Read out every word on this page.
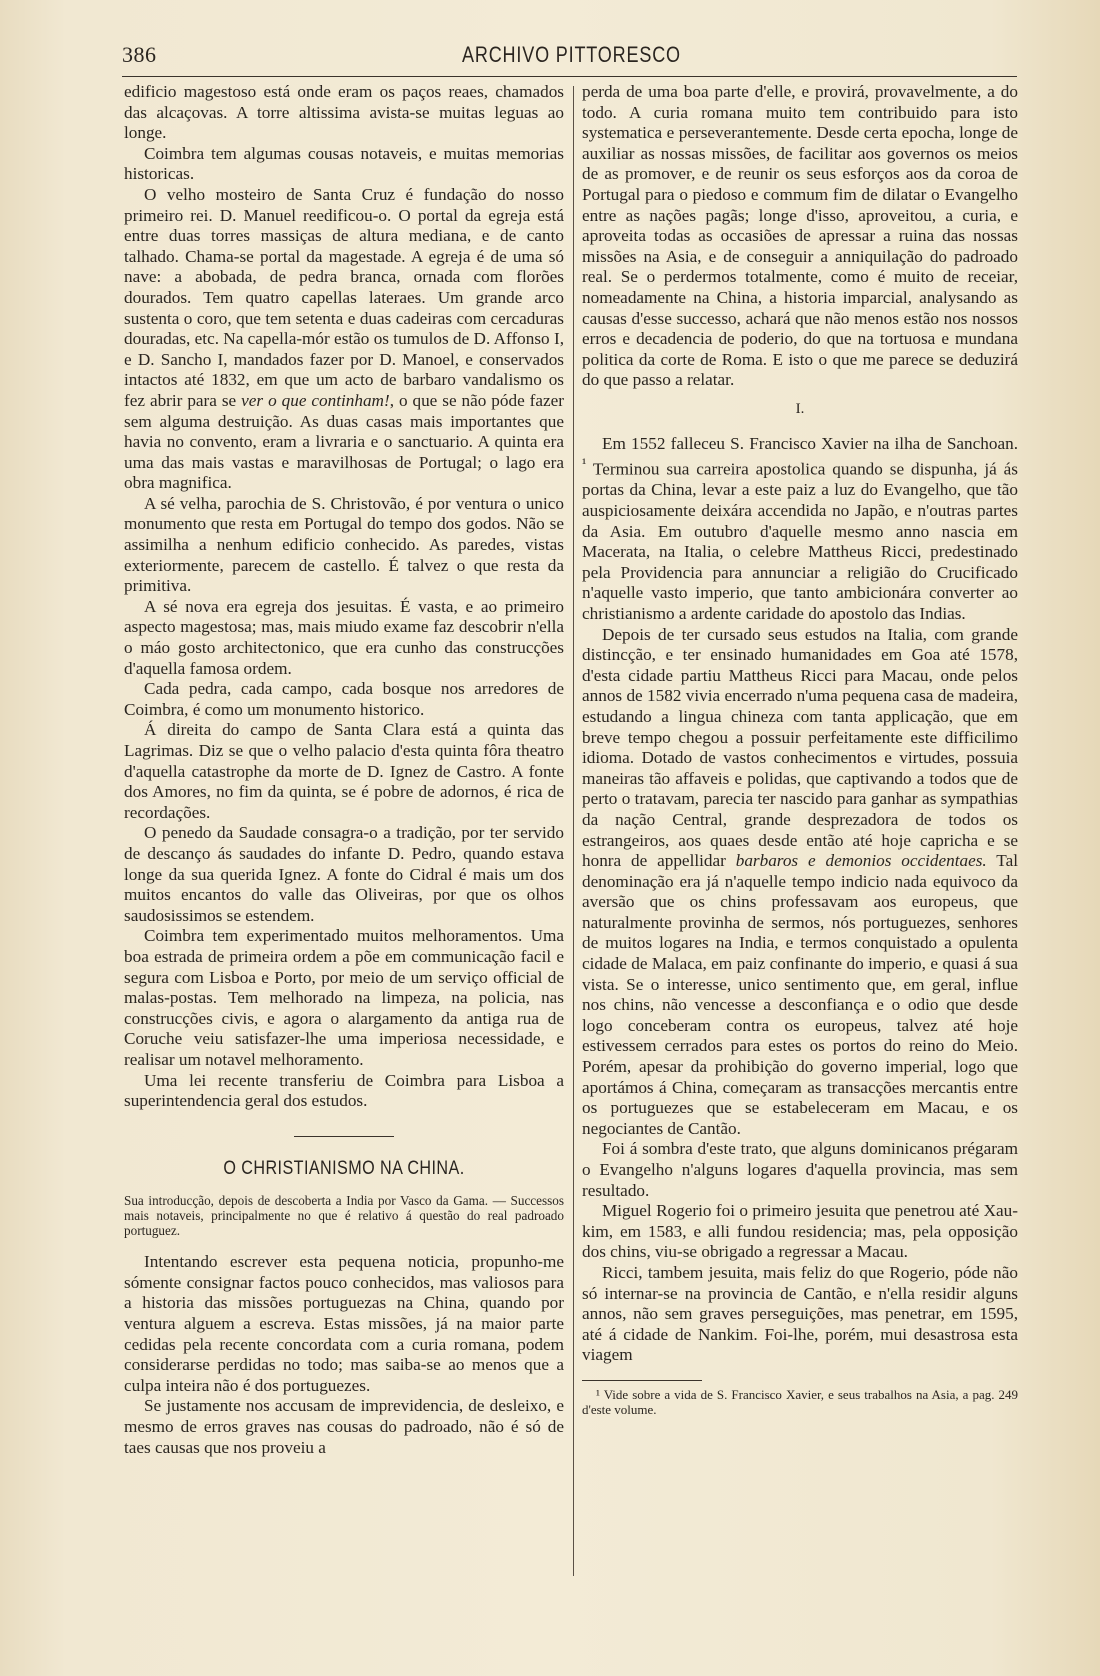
386	ARCHIVO PITTORESCO

edificio magestoso está onde eram os paços reaes, chamados das alcaçovas. A torre altissima avista-se muitas leguas ao longe.

Coimbra tem algumas cousas notaveis, e muitas memorias historicas.

O velho mosteiro de Santa Cruz é fundação do nosso primeiro rei. D. Manuel reedificou-o. O portal da egreja está entre duas torres massiças de altura mediana, e de canto talhado. Chama-se portal da magestade. A egreja é de uma só nave: a abobada, de pedra branca, ornada com florões dourados. Tem quatro capellas lateraes. Um grande arco sustenta o coro, que tem setenta e duas cadeiras com cercaduras douradas, etc. Na capella-mór estão os tumulos de D. Affonso I, e D. Sancho I, mandados fazer por D. Manoel, e conservados intactos até 1832, em que um acto de barbaro vandalismo os fez abrir para se ver o que continham!, o que se não póde fazer sem alguma destruição. As duas casas mais importantes que havia no convento, eram a livraria e o sanctuario. A quinta era uma das mais vastas e maravilhosas de Portugal; o lago era obra magnifica.

A sé velha, parochia de S. Christovão, é por ventura o unico monumento que resta em Portugal do tempo dos godos. Não se assimilha a nenhum edificio conhecido. As paredes, vistas exteriormente, parecem de castello. É talvez o que resta da primitiva.

A sé nova era egreja dos jesuitas. É vasta, e ao primeiro aspecto magestosa; mas, mais miudo exame faz descobrir n'ella o máo gosto architectonico, que era cunho das construcções d'aquella famosa ordem.

Cada pedra, cada campo, cada bosque nos arredores de Coimbra, é como um monumento historico.

Á direita do campo de Santa Clara está a quinta das Lagrimas. Diz se que o velho palacio d'esta quinta fôra theatro d'aquella catastrophe da morte de D. Ignez de Castro. A fonte dos Amores, no fim da quinta, se é pobre de adornos, é rica de recordações.

O penedo da Saudade consagra-o a tradição, por ter servido de descanço ás saudades do infante D. Pedro, quando estava longe da sua querida Ignez. A fonte do Cidral é mais um dos muitos encantos do valle das Oliveiras, por que os olhos saudosissimos se estendem.

Coimbra tem experimentado muitos melhoramentos. Uma boa estrada de primeira ordem a põe em communicação facil e segura com Lisboa e Porto, por meio de um serviço official de malas-postas. Tem melhorado na limpeza, na policia, nas construcções civis, e agora o alargamento da antiga rua de Coruche veiu satisfazer-lhe uma imperiosa necessidade, e realisar um notavel melhoramento.

Uma lei recente transferiu de Coimbra para Lisboa a superintendencia geral dos estudos.

O CHRISTIANISMO NA CHINA.

Sua introducção, depois de descoberta a India por Vasco da Gama. — Successos mais notaveis, principalmente no que é relativo á questão do real padroado portuguez.

Intentando escrever esta pequena noticia, propunho-me sómente consignar factos pouco conhecidos, mas valiosos para a historia das missões portuguezas na China, quando por ventura alguem a escreva. Estas missões, já na maior parte cedidas pela recente concordata com a curia romana, podem considerarse perdidas no todo; mas saiba-se ao menos que a culpa inteira não é dos portuguezes.

Se justamente nos accusam de imprevidencia, de desleixo, e mesmo de erros graves nas cousas do padroado, não é só de taes causas que nos proveiu a

perda de uma boa parte d'elle, e provirá, provavelmente, a do todo. A curia romana muito tem contribuido para isto systematica e perseverantemente. Desde certa epocha, longe de auxiliar as nossas missões, de facilitar aos governos os meios de as promover, e de reunir os seus esforços aos da coroa de Portugal para o piedoso e commum fim de dilatar o Evangelho entre as nações pagãs; longe d'isso, aproveitou, a curia, e aproveita todas as occasiões de apressar a ruina das nossas missões na Asia, e de conseguir a anniquilação do padroado real. Se o perdermos totalmente, como é muito de receiar, nomeadamente na China, a historia imparcial, analysando as causas d'esse successo, achará que não menos estão nos nossos erros e decadencia de poderio, do que na tortuosa e mundana politica da corte de Roma. E isto o que me parece se deduzirá do que passo a relatar.

I.

Em 1552 falleceu S. Francisco Xavier na ilha de Sanchoan. $^{^1}$ Terminou sua carreira apostolica quando se dispunha, já ás portas da China, levar a este paiz a luz do Evangelho, que tão auspiciosamente deixára accendida no Japão, e n'outras partes da Asia. Em outubro d'aquelle mesmo anno nascia em Macerata, na Italia, o celebre Mattheus Ricci, predestinado pela Providencia para annunciar a religião do Crucificado n'aquelle vasto imperio, que tanto ambicionára converter ao christianismo a ardente caridade do apostolo das Indias.

Depois de ter cursado seus estudos na Italia, com grande distincção, e ter ensinado humanidades em Goa até 1578, d'esta cidade partiu Mattheus Ricci para Macau, onde pelos annos de 1582 vivia encerrado n'uma pequena casa de madeira, estudando a lingua chineza com tanta applicação, que em breve tempo chegou a possuir perfeitamente este difficilimo idioma. Dotado de vastos conhecimentos e virtudes, possuia maneiras tão affaveis e polidas, que captivando a todos que de perto o tratavam, parecia ter nascido para ganhar as sympathias da nação Central, grande desprezadora de todos os estrangeiros, aos quaes desde então até hoje capricha e se honra de appellidar barbaros e demonios occidentaes. Tal denominação era já n'aquelle tempo indicio nada equivoco da aversão que os chins professavam aos europeus, que naturalmente provinha de sermos, nós portuguezes, senhores de muitos logares na India, e termos conquistado a opulenta cidade de Malaca, em paiz confinante do imperio, e quasi á sua vista. Se o interesse, unico sentimento que, em geral, influe nos chins, não vencesse a desconfiança e o odio que desde logo conceberam contra os europeus, talvez até hoje estivessem cerrados para estes os portos do reino do Meio. Porém, apesar da prohibição do governo imperial, logo que aportámos á China, começaram as transacções mercantis entre os portuguezes que se estabeleceram em Macau, e os negociantes de Cantão.

Foi á sombra d'este trato, que alguns dominicanos prégaram o Evangelho n'alguns logares d'aquella provincia, mas sem resultado.

Miguel Rogerio foi o primeiro jesuita que penetrou até Xau-kim, em 1583, e alli fundou residencia; mas, pela opposição dos chins, viu-se obrigado a regressar a Macau.

Ricci, tambem jesuita, mais feliz do que Rogerio, póde não só internar-se na provincia de Cantão, e n'ella residir alguns annos, não sem graves perseguições, mas penetrar, em 1595, até á cidade de Nankim. Foi-lhe, porém, mui desastrosa esta viagem

¹ Vide sobre a vida de S. Francisco Xavier, e seus trabalhos na Asia, a pag. 249 d'este volume.
